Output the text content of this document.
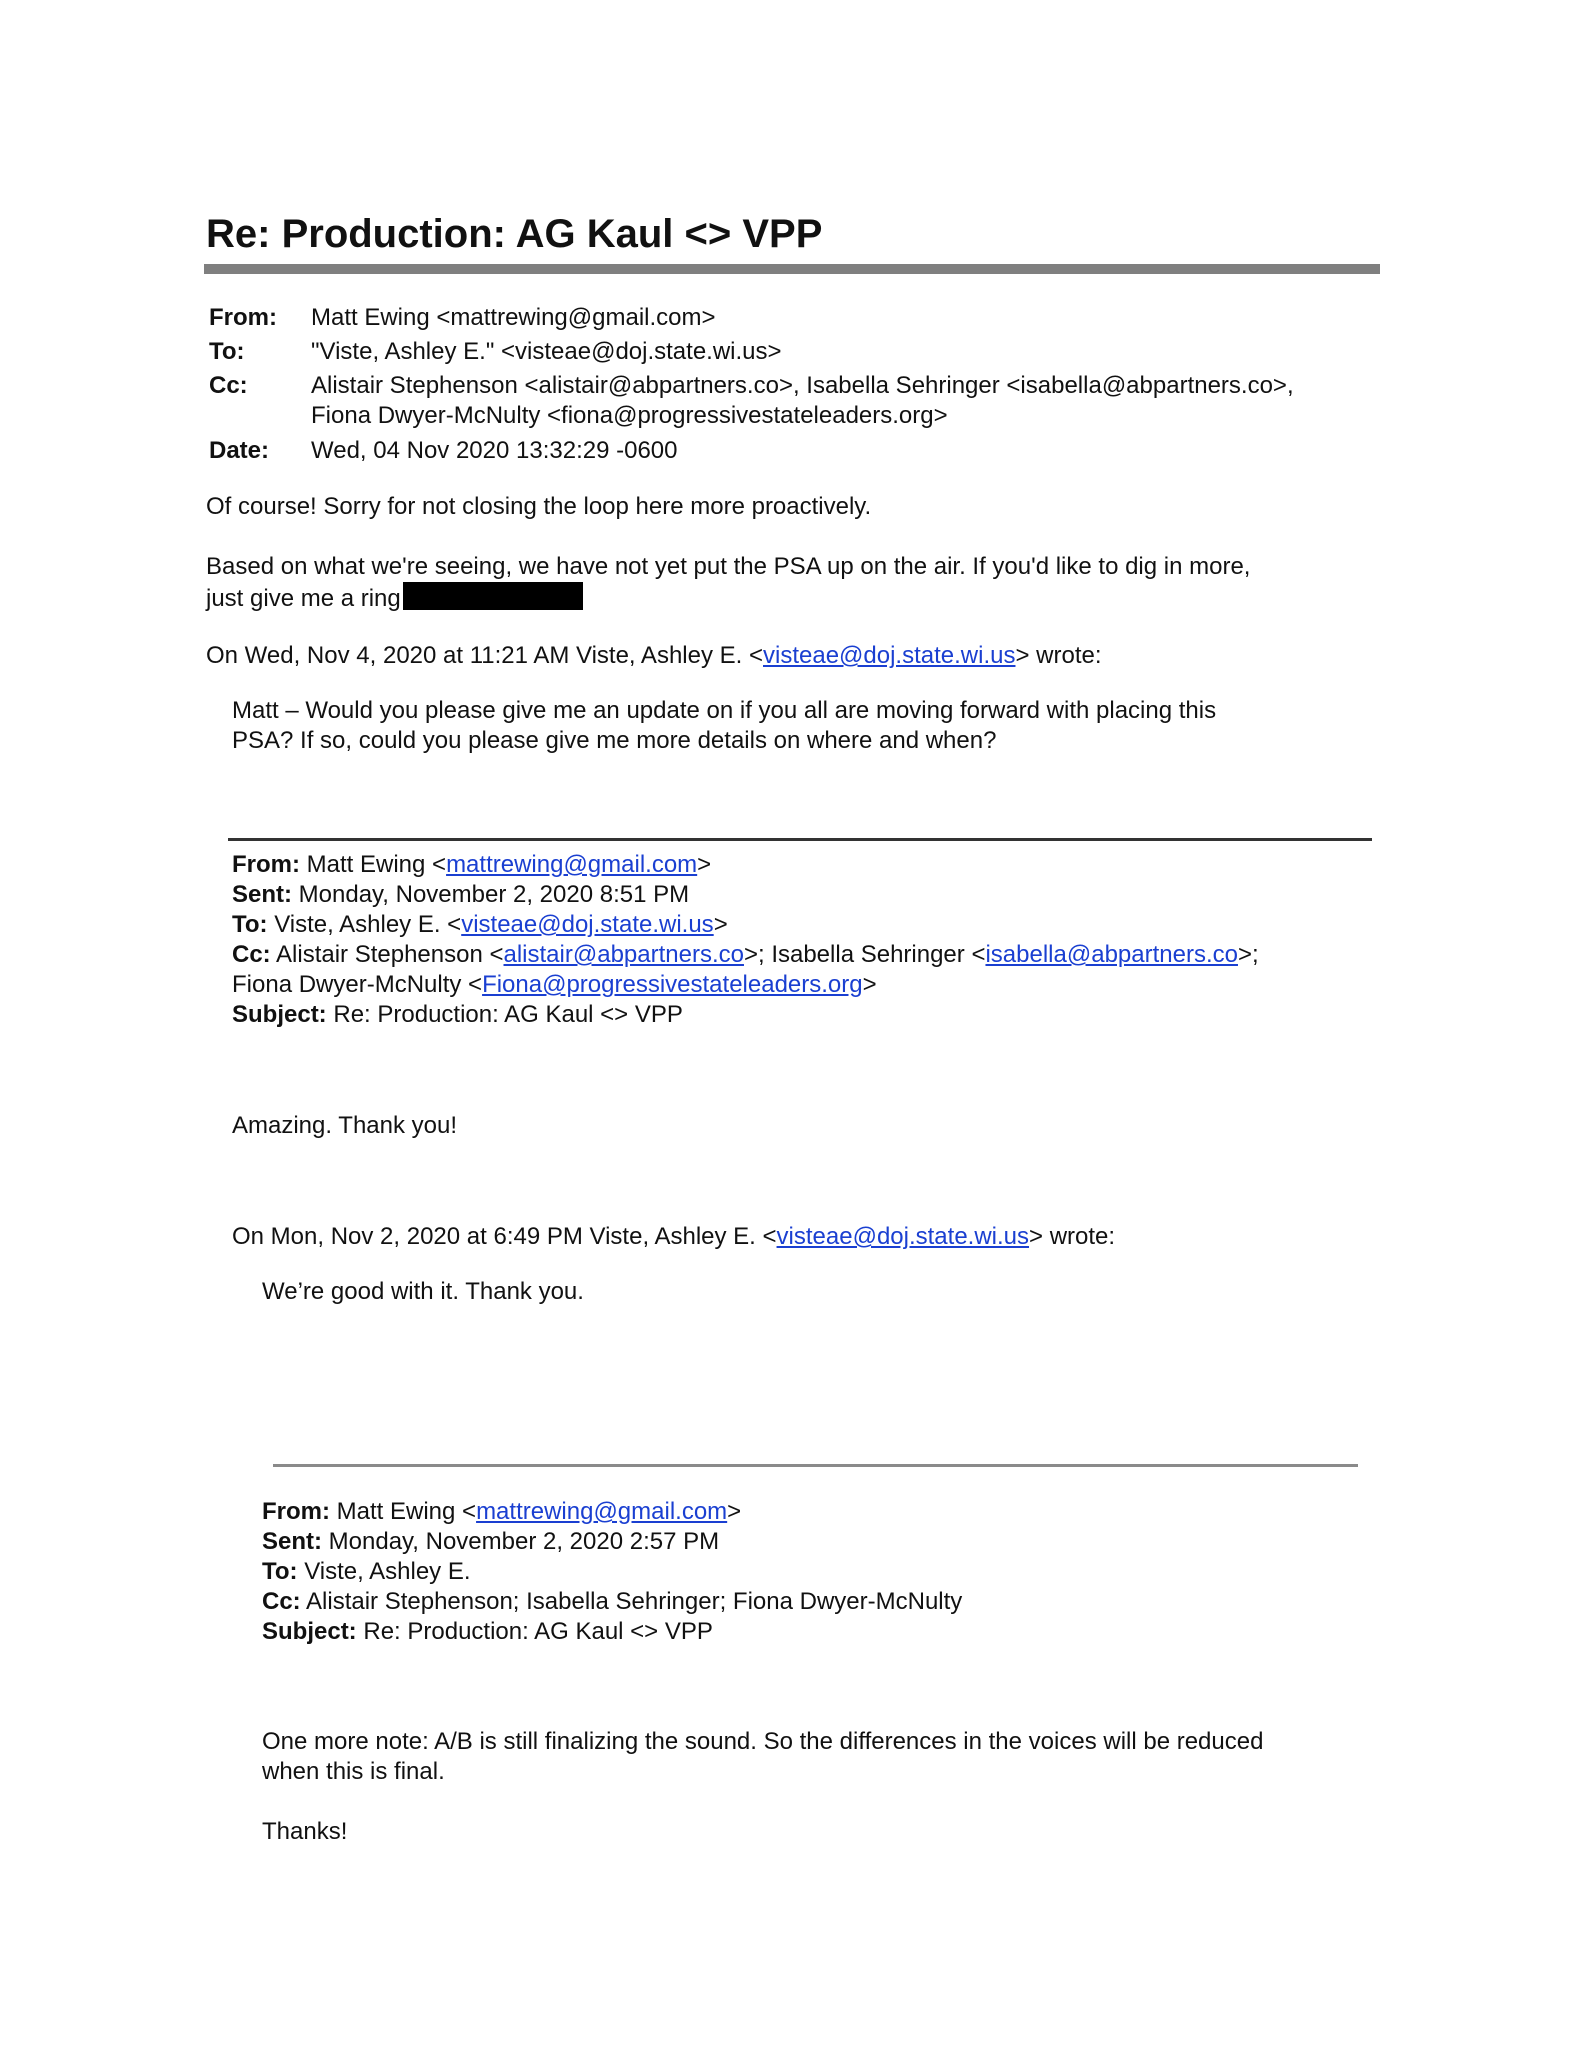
Re: Production: AG Kaul <> VPP

From: Matt Ewing <mattrewing@gmail.com>

To:	"Viste, Ashley E." <visteae@doj.state.wi.us>

Cc:	Alistair Stephenson <alistair@abpartners.co>, Isabella Sehringer <isabella@abpartners.co>,

Fiona Dwyer-McNulty <fiona@progressivestateleaders.org>

Date: Wed, 04 Nov 2020 13:32:29 -0600

Of course! Sorry for not closing the loop here more proactively.

Based on what we're seeing, we have not yet put the PSA up on the air. If you'd like to dig in more,

just give me a ring

On Wed, Nov 4, 2020 at 11:21 AM Viste, Ashley E. <visteae@doj.state.wi.us> wrote:

Matt – Would you please give me an update on if you all are moving forward with placing this

PSA? If so, could you please give me more details on where and when?

From: Matt Ewing <mattrewing@gmail.com>

Sent: Monday, November 2, 2020 8:51 PM

To: Viste, Ashley E. <visteae@doj.state.wi.us>

Cc: Alistair Stephenson <alistair@abpartners.co>; Isabella Sehringer <isabella@abpartners.co>;

Fiona Dwyer-McNulty <Fiona@progressivestateleaders.org>

Subject: Re: Production: AG Kaul <> VPP

Amazing. Thank you!

On Mon, Nov 2, 2020 at 6:49 PM Viste, Ashley E. <visteae@doj.state.wi.us> wrote:

We’re good with it. Thank you.

From: Matt Ewing <mattrewing@gmail.com>

Sent: Monday, November 2, 2020 2:57 PM

To: Viste, Ashley E.

Cc: Alistair Stephenson; Isabella Sehringer; Fiona Dwyer-McNulty

Subject: Re: Production: AG Kaul <> VPP

One more note: A/B is still finalizing the sound. So the differences in the voices will be reduced

when this is final.

Thanks!
